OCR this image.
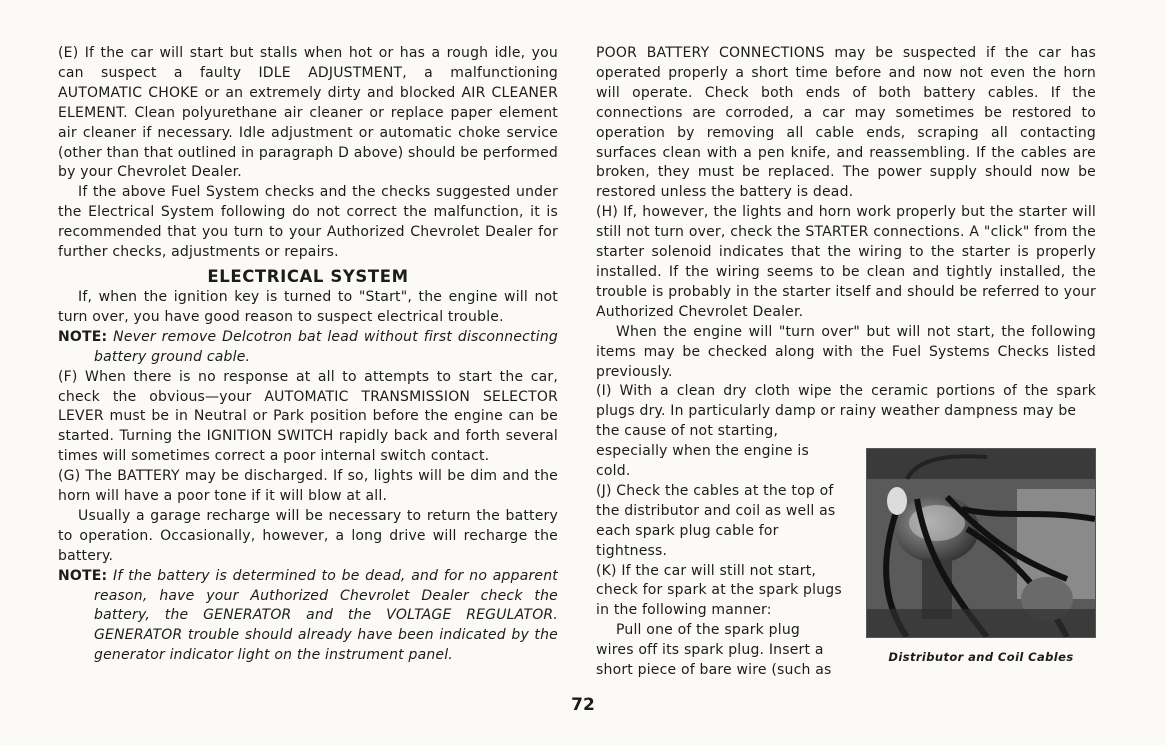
(E) If the car will start but stalls when hot or has a rough idle, you can suspect a faulty IDLE ADJUSTMENT, a malfunctioning AUTOMATIC CHOKE or an extremely dirty and blocked AIR CLEANER ELEMENT. Clean polyurethane air cleaner or replace paper element air cleaner if necessary. Idle adjustment or automatic choke service (other than that outlined in paragraph D above) should be performed by your Chevrolet Dealer.

If the above Fuel System checks and the checks suggested under the Electrical System following do not correct the malfunction, it is recommended that you turn to your Authorized Chevrolet Dealer for further checks, adjustments or repairs.

ELECTRICAL SYSTEM

If, when the ignition key is turned to "Start", the engine will not turn over, you have good reason to suspect electrical trouble.

NOTE: Never remove Delcotron bat lead without first disconnecting battery ground cable.

(F) When there is no response at all to attempts to start the car, check the obvious—your AUTOMATIC TRANSMISSION SELECTOR LEVER must be in Neutral or Park position before the engine can be started. Turning the IGNITION SWITCH rapidly back and forth several times will sometimes correct a poor internal switch contact.

(G) The BATTERY may be discharged. If so, lights will be dim and the horn will have a poor tone if it will blow at all.

Usually a garage recharge will be necessary to return the battery to operation. Occasionally, however, a long drive will recharge the battery.

NOTE: If the battery is determined to be dead, and for no apparent reason, have your Authorized Chevrolet Dealer check the battery, the GENERATOR and the VOLTAGE REGULATOR. GENERATOR trouble should already have been indicated by the generator indicator light on the instrument panel.

POOR BATTERY CONNECTIONS may be suspected if the car has operated properly a short time before and now not even the horn will operate. Check both ends of both battery cables. If the connections are corroded, a car may sometimes be restored to operation by removing all cable ends, scraping all contacting surfaces clean with a pen knife, and reassembling. If the cables are broken, they must be replaced. The power supply should now be restored unless the battery is dead.

(H) If, however, the lights and horn work properly but the starter will still not turn over, check the STARTER connections. A "click" from the starter solenoid indicates that the wiring to the starter is properly installed. If the wiring seems to be clean and tightly installed, the trouble is probably in the starter itself and should be referred to your Authorized Chevrolet Dealer.

When the engine will "turn over" but will not start, the following items may be checked along with the Fuel Systems Checks listed previously.

(I) With a clean dry cloth wipe the ceramic portions of the spark plugs dry. In particularly damp or rainy weather dampness may be

the cause of not starting, especially when the engine is cold.

(J) Check the cables at the top of the distributor and coil as well as each spark plug cable for tightness.

(K) If the car will still not start, check for spark at the spark plugs in the following manner:

Pull one of the spark plug wires off its spark plug. Insert a short piece of bare wire (such as

Distributor and Coil Cables
72
